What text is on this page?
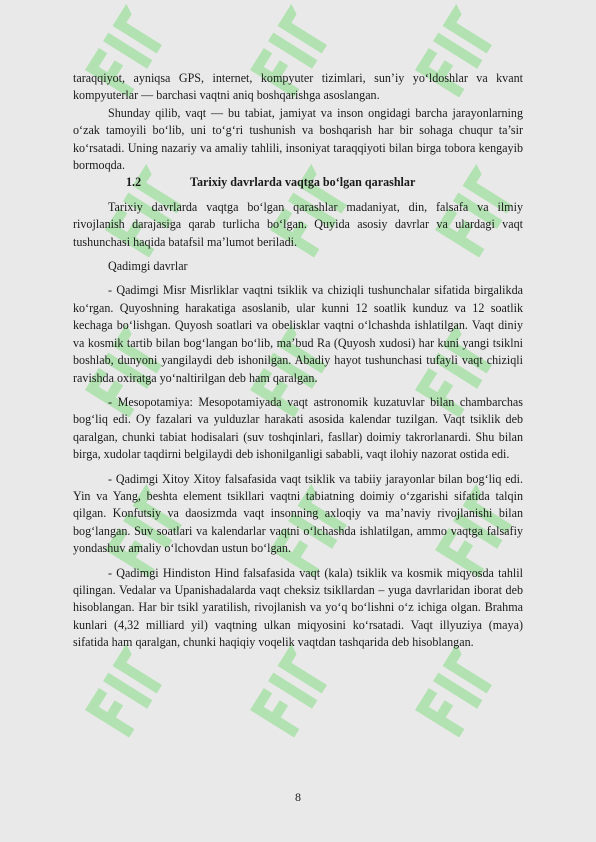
taraqqiyot, ayniqsa GPS, internet, kompyuter tizimlari, sun’iy yo‘ldoshlar va kvant kompyuterlar — barchasi vaqtni aniq boshqarishga asoslangan.

Shunday qilib, vaqt — bu tabiat, jamiyat va inson ongidagi barcha jarayonlarning o‘zak tamoyili bo‘lib, uni to‘g‘ri tushunish va boshqarish har bir sohaga chuqur ta’sir ko‘rsatadi. Uning nazariy va amaliy tahlili, insoniyat taraqqiyoti bilan birga tobora kengayib bormoqda.

1.2	Tarixiy davrlarda vaqtga bo‘lgan qarashlar

Tarixiy davrlarda vaqtga bo‘lgan qarashlar madaniyat, din, falsafa va ilmiy rivojlanish darajasiga qarab turlicha bo‘lgan. Quyida asosiy davrlar va ulardagi vaqt tushunchasi haqida batafsil ma’lumot beriladi.

Qadimgi davrlar

- Qadimgi Misr Misrliklar vaqtni tsiklik va chiziqli tushunchalar sifatida birgalikda ko‘rgan. Quyoshning harakatiga asoslanib, ular kunni 12 soatlik kunduz va 12 soatlik kechaga bo‘lishgan. Quyosh soatlari va obelisklar vaqtni o‘lchashda ishlatilgan. Vaqt diniy va kosmik tartib bilan bog‘langan bo‘lib, ma’bud Ra (Quyosh xudosi) har kuni yangi tsiklni boshlab, dunyoni yangilaydi deb ishonilgan. Abadiy hayot tushunchasi tufayli vaqt chiziqli ravishda oxiratga yo‘naltirilgan deb ham qaralgan.

- Mesopotamiya: Mesopotamiyada vaqt astronomik kuzatuvlar bilan chambarchas bog‘liq edi. Oy fazalari va yulduzlar harakati asosida kalendar tuzilgan. Vaqt tsiklik deb qaralgan, chunki tabiat hodisalari (suv toshqinlari, fasllar) doimiy takrorlanardi. Shu bilan birga, xudolar taqdirni belgilaydi deb ishonilganligi sababli, vaqt ilohiy nazorat ostida edi.

- Qadimgi Xitoy Xitoy falsafasida vaqt tsiklik va tabiiy jarayonlar bilan bog‘liq edi. Yin va Yang, beshta element tsikllari vaqtni tabiatning doimiy o‘zgarishi sifatida talqin qilgan. Konfutsiy va daosizmda vaqt insonning axloqiy va ma’naviy rivojlanishi bilan bog‘langan. Suv soatlari va kalendarlar vaqtni o‘lchashda ishlatilgan, ammo vaqtga falsafiy yondashuv amaliy o‘lchovdan ustun bo‘lgan.

- Qadimgi Hindiston Hind falsafasida vaqt (kala) tsiklik va kosmik miqyosda tahlil qilingan. Vedalar va Upanishadalarda vaqt cheksiz tsikllardan – yuga davrlaridan iborat deb hisoblangan. Har bir tsikl yaratilish, rivojlanish va yo‘q bo‘lishni o‘z ichiga olgan. Brahma kunlari (4,32 milliard yil) vaqtning ulkan miqyosini ko‘rsatadi. Vaqt illyuziya (maya) sifatida ham qaralgan, chunki haqiqiy voqelik vaqtdan tashqarida deb hisoblangan.

8
